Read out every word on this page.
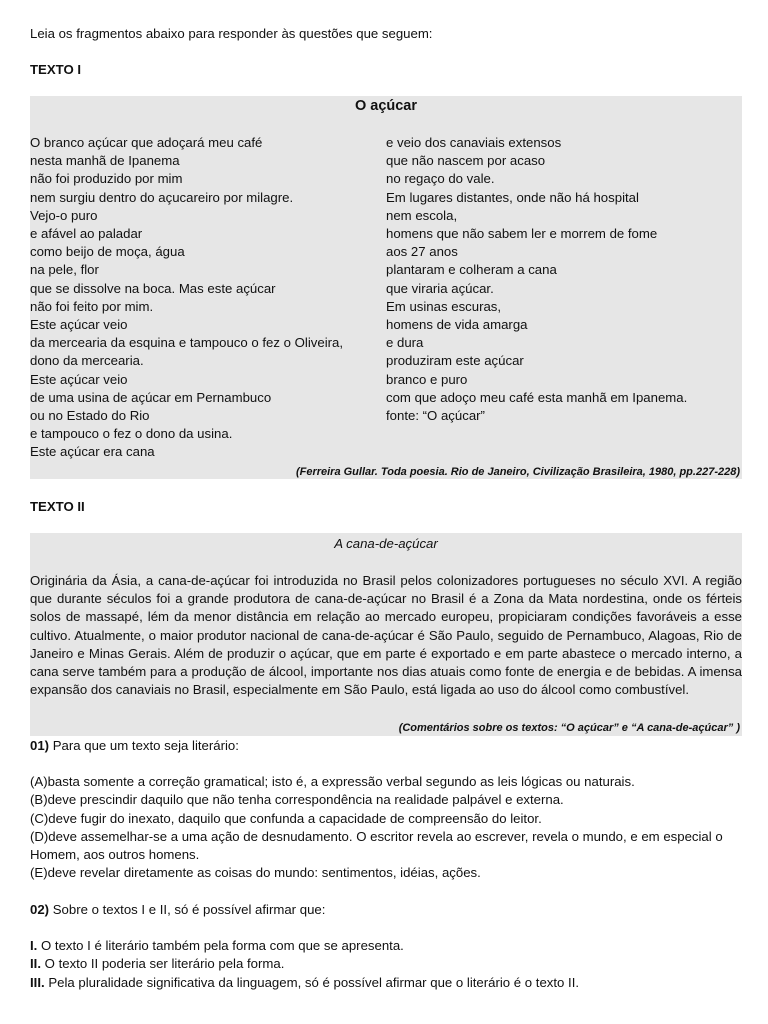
Leia os fragmentos abaixo para responder às questões que seguem:
TEXTO I
O açúcar
O branco açúcar que adoçará meu café
nesta manhã de Ipanema
não foi produzido por mim
nem surgiu dentro do açucareiro por milagre.
Vejo-o puro
e afável ao paladar
como beijo de moça, água
na pele, flor
que se dissolve na boca. Mas este açúcar
não foi feito por mim.
Este açúcar veio
da mercearia da esquina e tampouco o fez o Oliveira,
dono da mercearia.
Este açúcar veio
de uma usina de açúcar em Pernambuco
ou no Estado do Rio
e tampouco o fez o dono da usina.
Este açúcar era cana
e veio dos canaviais extensos
que não nascem por acaso
no regaço do vale.
Em lugares distantes, onde não há hospital
nem escola,
homens que não sabem ler e morrem de fome
aos 27 anos
plantaram e colheram a cana
que viraria açúcar.
Em usinas escuras,
homens de vida amarga
e dura
produziram este açúcar
branco e puro
com que adoço meu café esta manhã em Ipanema.
fonte: “O açúcar”
(Ferreira Gullar. Toda poesia. Rio de Janeiro, Civilização Brasileira, 1980, pp.227-228)
TEXTO II
A cana-de-açúcar
Originária da Ásia, a cana-de-açúcar foi introduzida no Brasil pelos colonizadores portugueses no século XVI. A região que durante séculos foi a grande produtora de cana-de-açúcar no Brasil é a Zona da Mata nordestina, onde os férteis solos de massapé, lém da menor distância em relação ao mercado europeu, propiciaram condições favoráveis a esse cultivo. Atualmente, o maior produtor nacional de cana-de-açúcar é São Paulo, seguido de Pernambuco, Alagoas, Rio de Janeiro e Minas Gerais. Além de produzir o açúcar, que em parte é exportado e em parte abastece o mercado interno, a cana serve também para a produção de álcool, importante nos dias atuais como fonte de energia e de bebidas. A imensa expansão dos canaviais no Brasil, especialmente em São Paulo, está ligada ao uso do álcool como combustível.
(Comentários sobre os textos: “O açúcar” e “A cana-de-açúcar” )
01) Para que um texto seja literário:
(A)basta somente a correção gramatical; isto é, a expressão verbal segundo as leis lógicas ou naturais.
(B)deve prescindir daquilo que não tenha correspondência na realidade palpável e externa.
(C)deve fugir do inexato, daquilo que confunda a capacidade de compreensão do leitor.
(D)deve assemelhar-se a uma ação de desnudamento. O escritor revela ao escrever, revela o mundo, e em especial o Homem, aos outros homens.
(E)deve revelar diretamente as coisas do mundo: sentimentos, idéias, ações.
02) Sobre o textos I e II, só é possível afirmar que:
I. O texto I é literário também pela forma com que se apresenta.
II. O texto II poderia ser literário pela forma.
III. Pela pluralidade significativa da linguagem, só é possível afirmar que o literário é o texto II.
